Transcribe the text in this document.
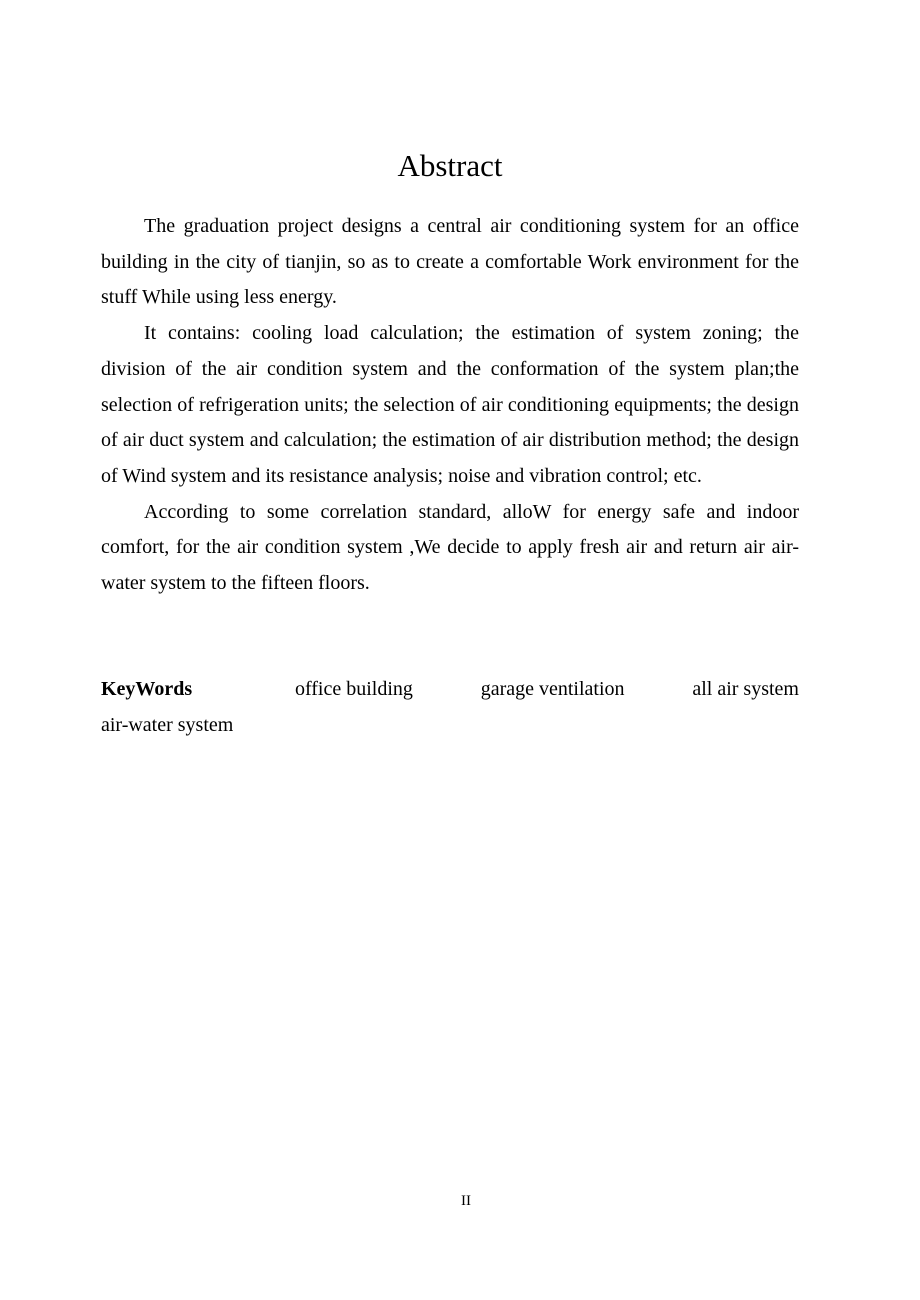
Abstract

The graduation project designs a central air conditioning system for an office building in the city of tianjin, so as to create a comfortable Work environment for the stuff While using less energy.

It contains: cooling load calculation; the estimation of system zoning; the division of the air condition system and the conformation of the system plan;the selection of refrigeration units; the selection of air conditioning equipments; the design of air duct system and calculation; the estimation of air distribution method; the design of Wind system and its resistance analysis; noise and vibration control; etc.

According to some correlation standard, alloW for energy safe and indoor comfort, for the air condition system ,We decide to apply fresh air and return air air-water system to the fifteen floors.

KeyWords	office building	garage ventilation	all air system
air-water system
II
